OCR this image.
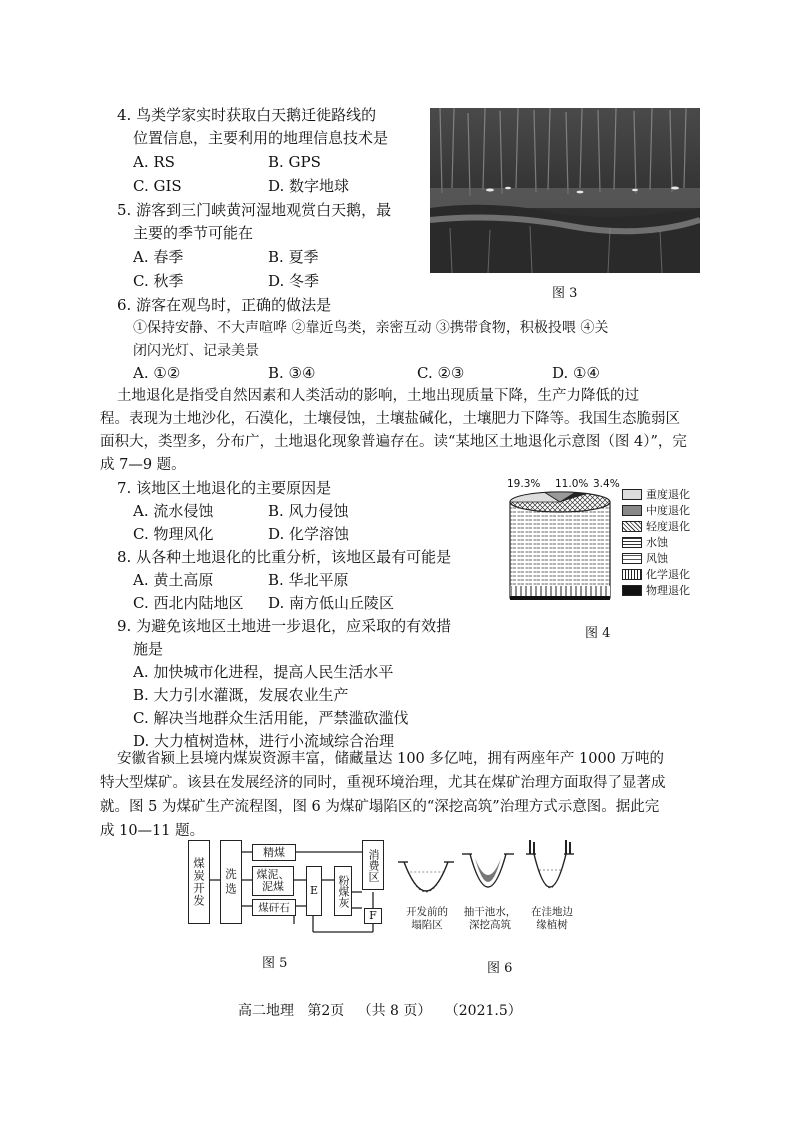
4. 鸟类学家实时获取白天鹅迁徙路线的
位置信息，主要利用的地理信息技术是
A. RS	B. GPS
C. GIS	D. 数字地球
5. 游客到三门峡黄河湿地观赏白天鹅，最
主要的季节可能在
A. 春季	B. 夏季
C. 秋季	D. 冬季
图 3
6. 游客在观鸟时，正确的做法是
①保持安静、不大声喧哗 ②靠近鸟类，亲密互动 ③携带食物，积极投喂 ④关
闭闪光灯、记录美景
A. ①②	B. ③④	C. ②③	D. ①④
土地退化是指受自然因素和人类活动的影响，土地出现质量下降，生产力降低的过
程。表现为土地沙化，石漠化，土壤侵蚀，土壤盐碱化，土壤肥力下降等。我国生态脆弱区
面积大，类型多，分布广，土地退化现象普遍存在。读“某地区土地退化示意图（图 4）”，完
成 7—9 题。
7. 该地区土地退化的主要原因是
A. 流水侵蚀	B. 风力侵蚀
C. 物理风化	D. 化学溶蚀
8. 从各种土地退化的比重分析，该地区最有可能是
A. 黄土高原	B. 华北平原
C. 西北内陆地区 D. 南方低山丘陵区
9. 为避免该地区土地进一步退化，应采取的有效措
施是
A. 加快城市化进程，提高人民生活水平
B. 大力引水灌溉，发展农业生产
C. 解决当地群众生活用能，严禁滥砍滥伐
D. 大力植树造林，进行小流域综合治理
19.3% 11.0% 3.4%
重度退化
中度退化
轻度退化
水蚀
风蚀
化学退化
物理退化
图 4
安徽省颍上县境内煤炭资源丰富，储藏量达 100 多亿吨，拥有两座年产 1000 万吨的
特大型煤矿。该县在发展经济的同时，重视环境治理，尤其在煤矿治理方面取得了显著成
就。图 5 为煤矿生产流程图，图 6 为煤矿塌陷区的“深挖高筑”治理方式示意图。据此完
成 10—11 题。
煤炭开发	洗选
精煤
煤泥、泥煤
煤矸石
E	粉煤灰
消费区
F
图 5
开发前的
塌陷区
抽干池水，
深挖高筑
在洼地边
缘植树
图 6
高二地理   第2页   （共 8 页）   （2021.5）
